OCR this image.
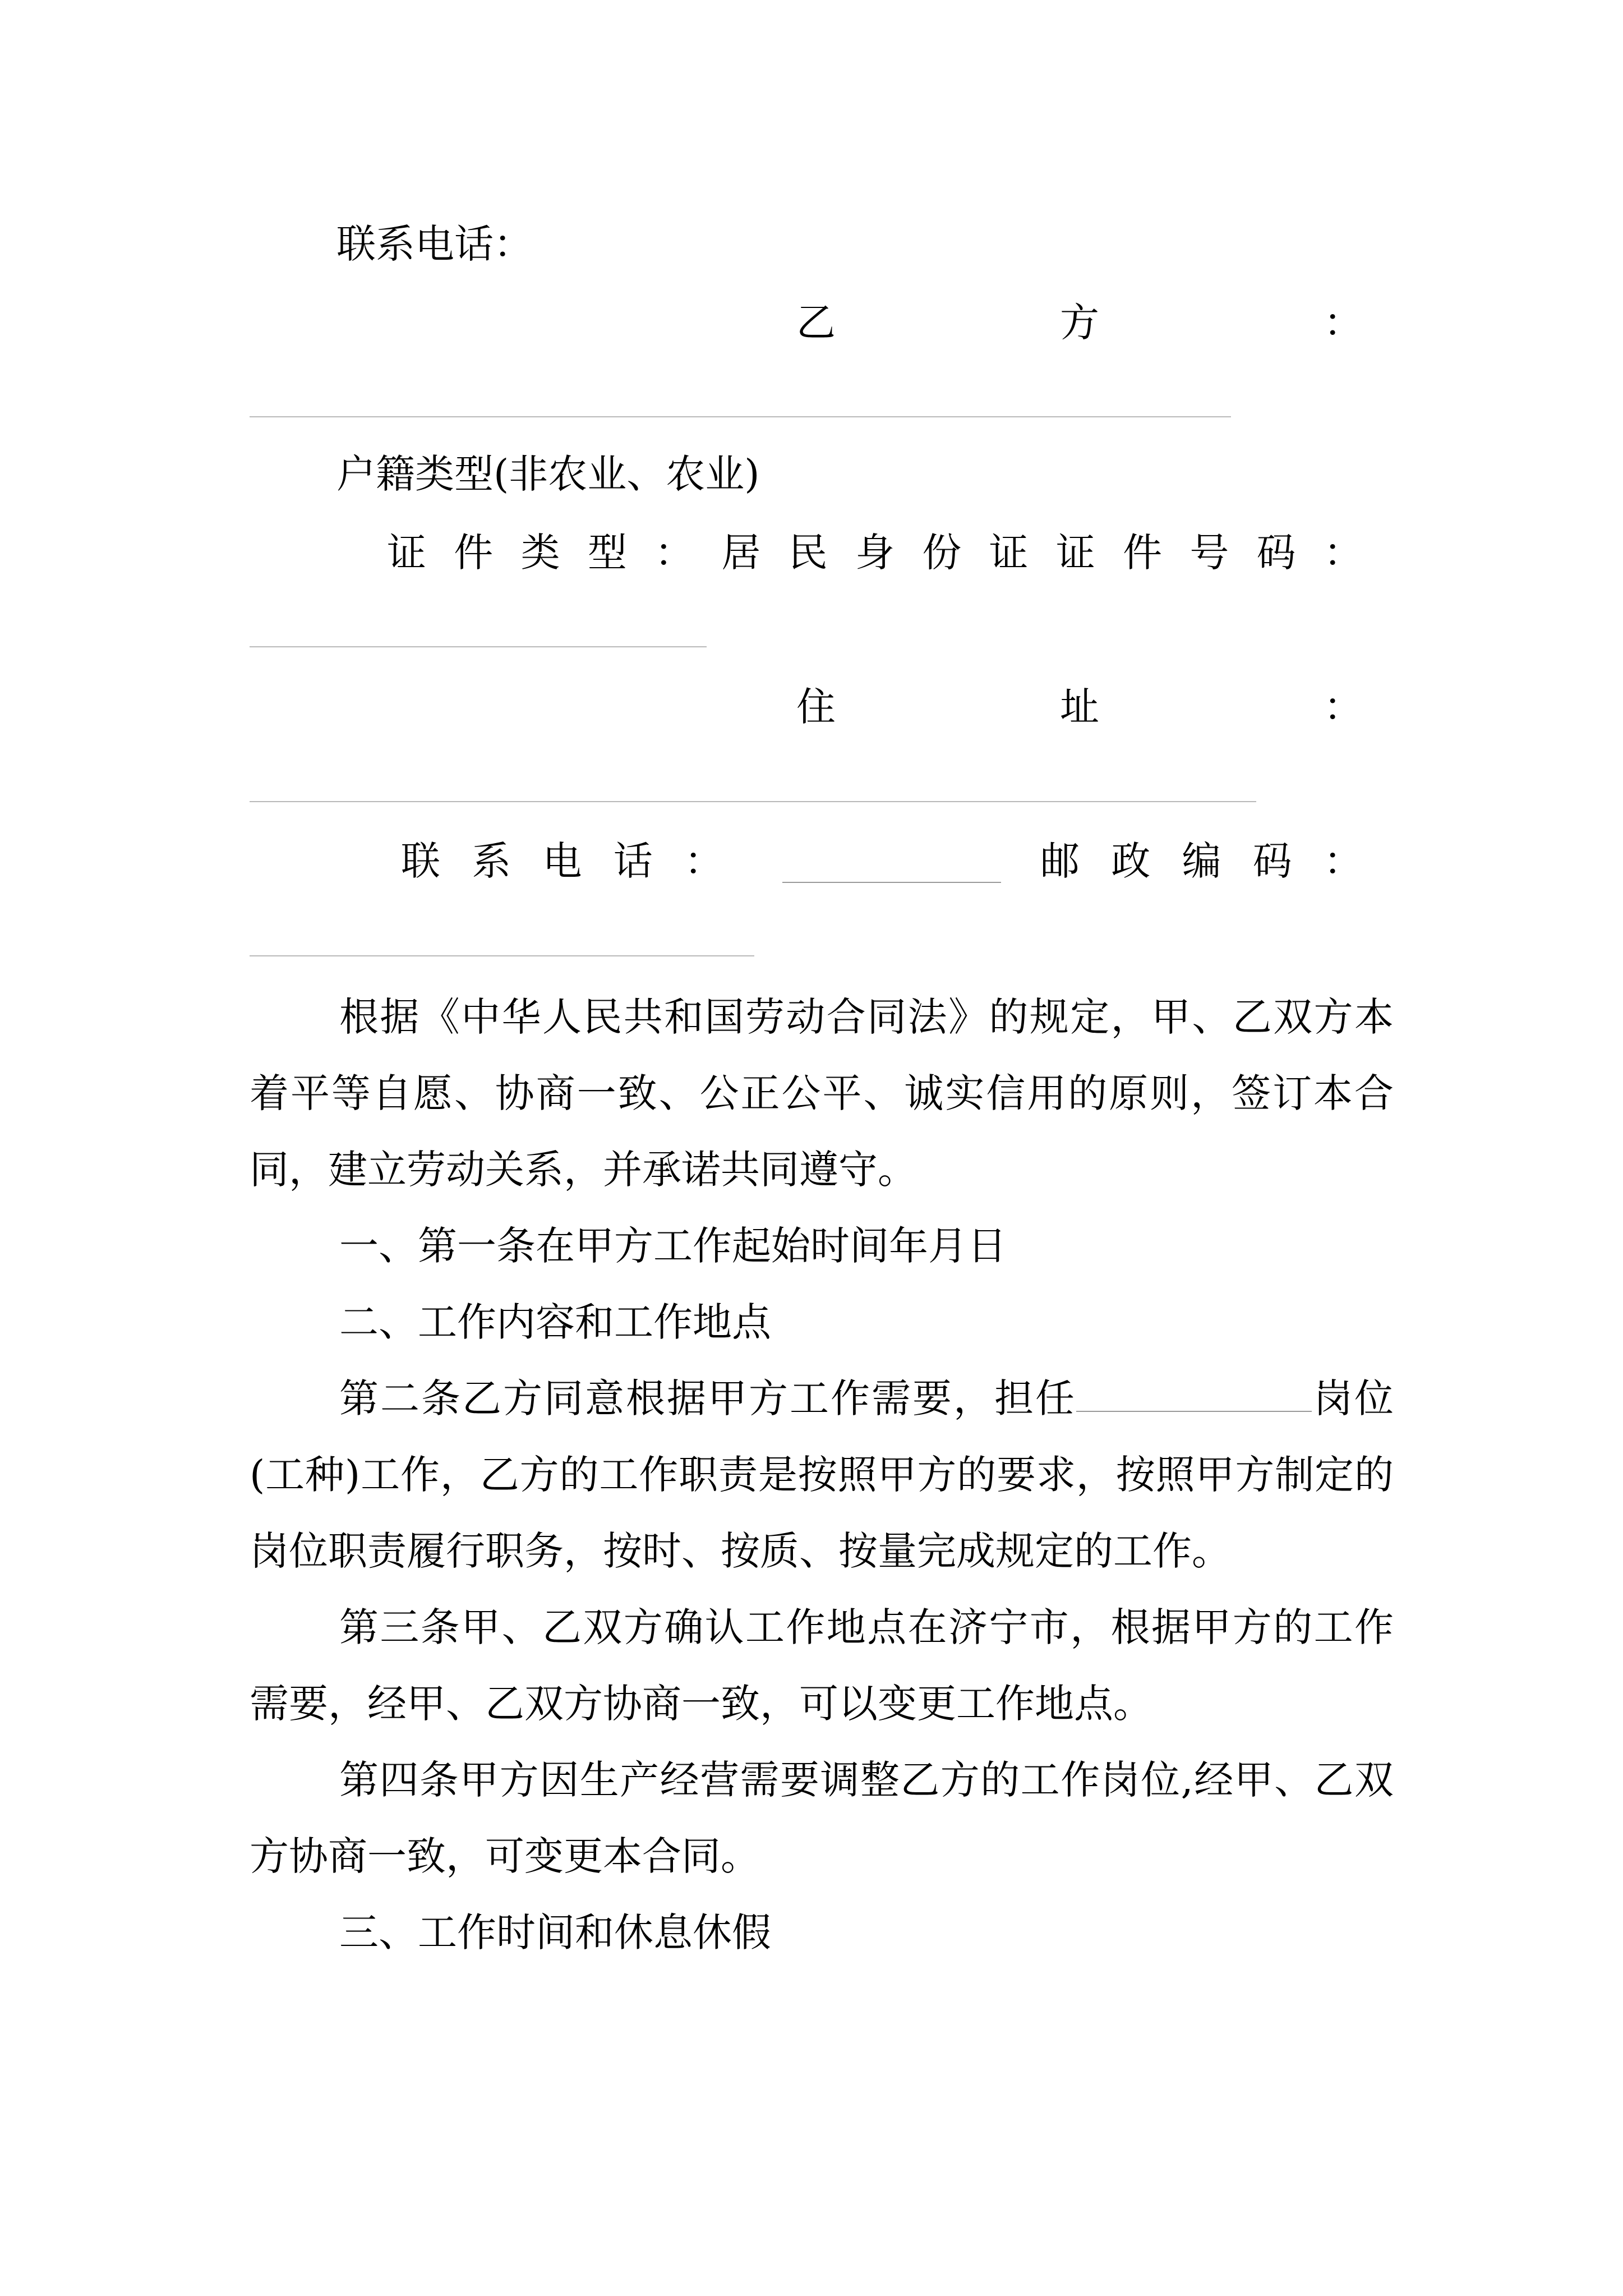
联系电话：
乙	方	：
户籍类型(非农业、农业)
证 件 类 型 ： 居 民 身 份 证 证 件 号 码 ：
住	址	：
联 系 电 话 ：	邮 政 编 码 ：

根据《中华人民共和国劳动合同法》的规定，甲、乙双方本着平等自愿、协商一致、公正公平、诚实信用的原则，签订本合同，建立劳动关系，并承诺共同遵守。

一、第一条在甲方工作起始时间年月日

二、工作内容和工作地点

第二条乙方同意根据甲方工作需要，担任	岗位(工种)工作，乙方的工作职责是按照甲方的要求，按照甲方制定的岗位职责履行职务，按时、按质、按量完成规定的工作。

第三条甲、乙双方确认工作地点在济宁市，根据甲方的工作需要，经甲、乙双方协商一致，可以变更工作地点。

第四条甲方因生产经营需要调整乙方的工作岗位,经甲、乙双方协商一致，可变更本合同。

三、工作时间和休息休假
